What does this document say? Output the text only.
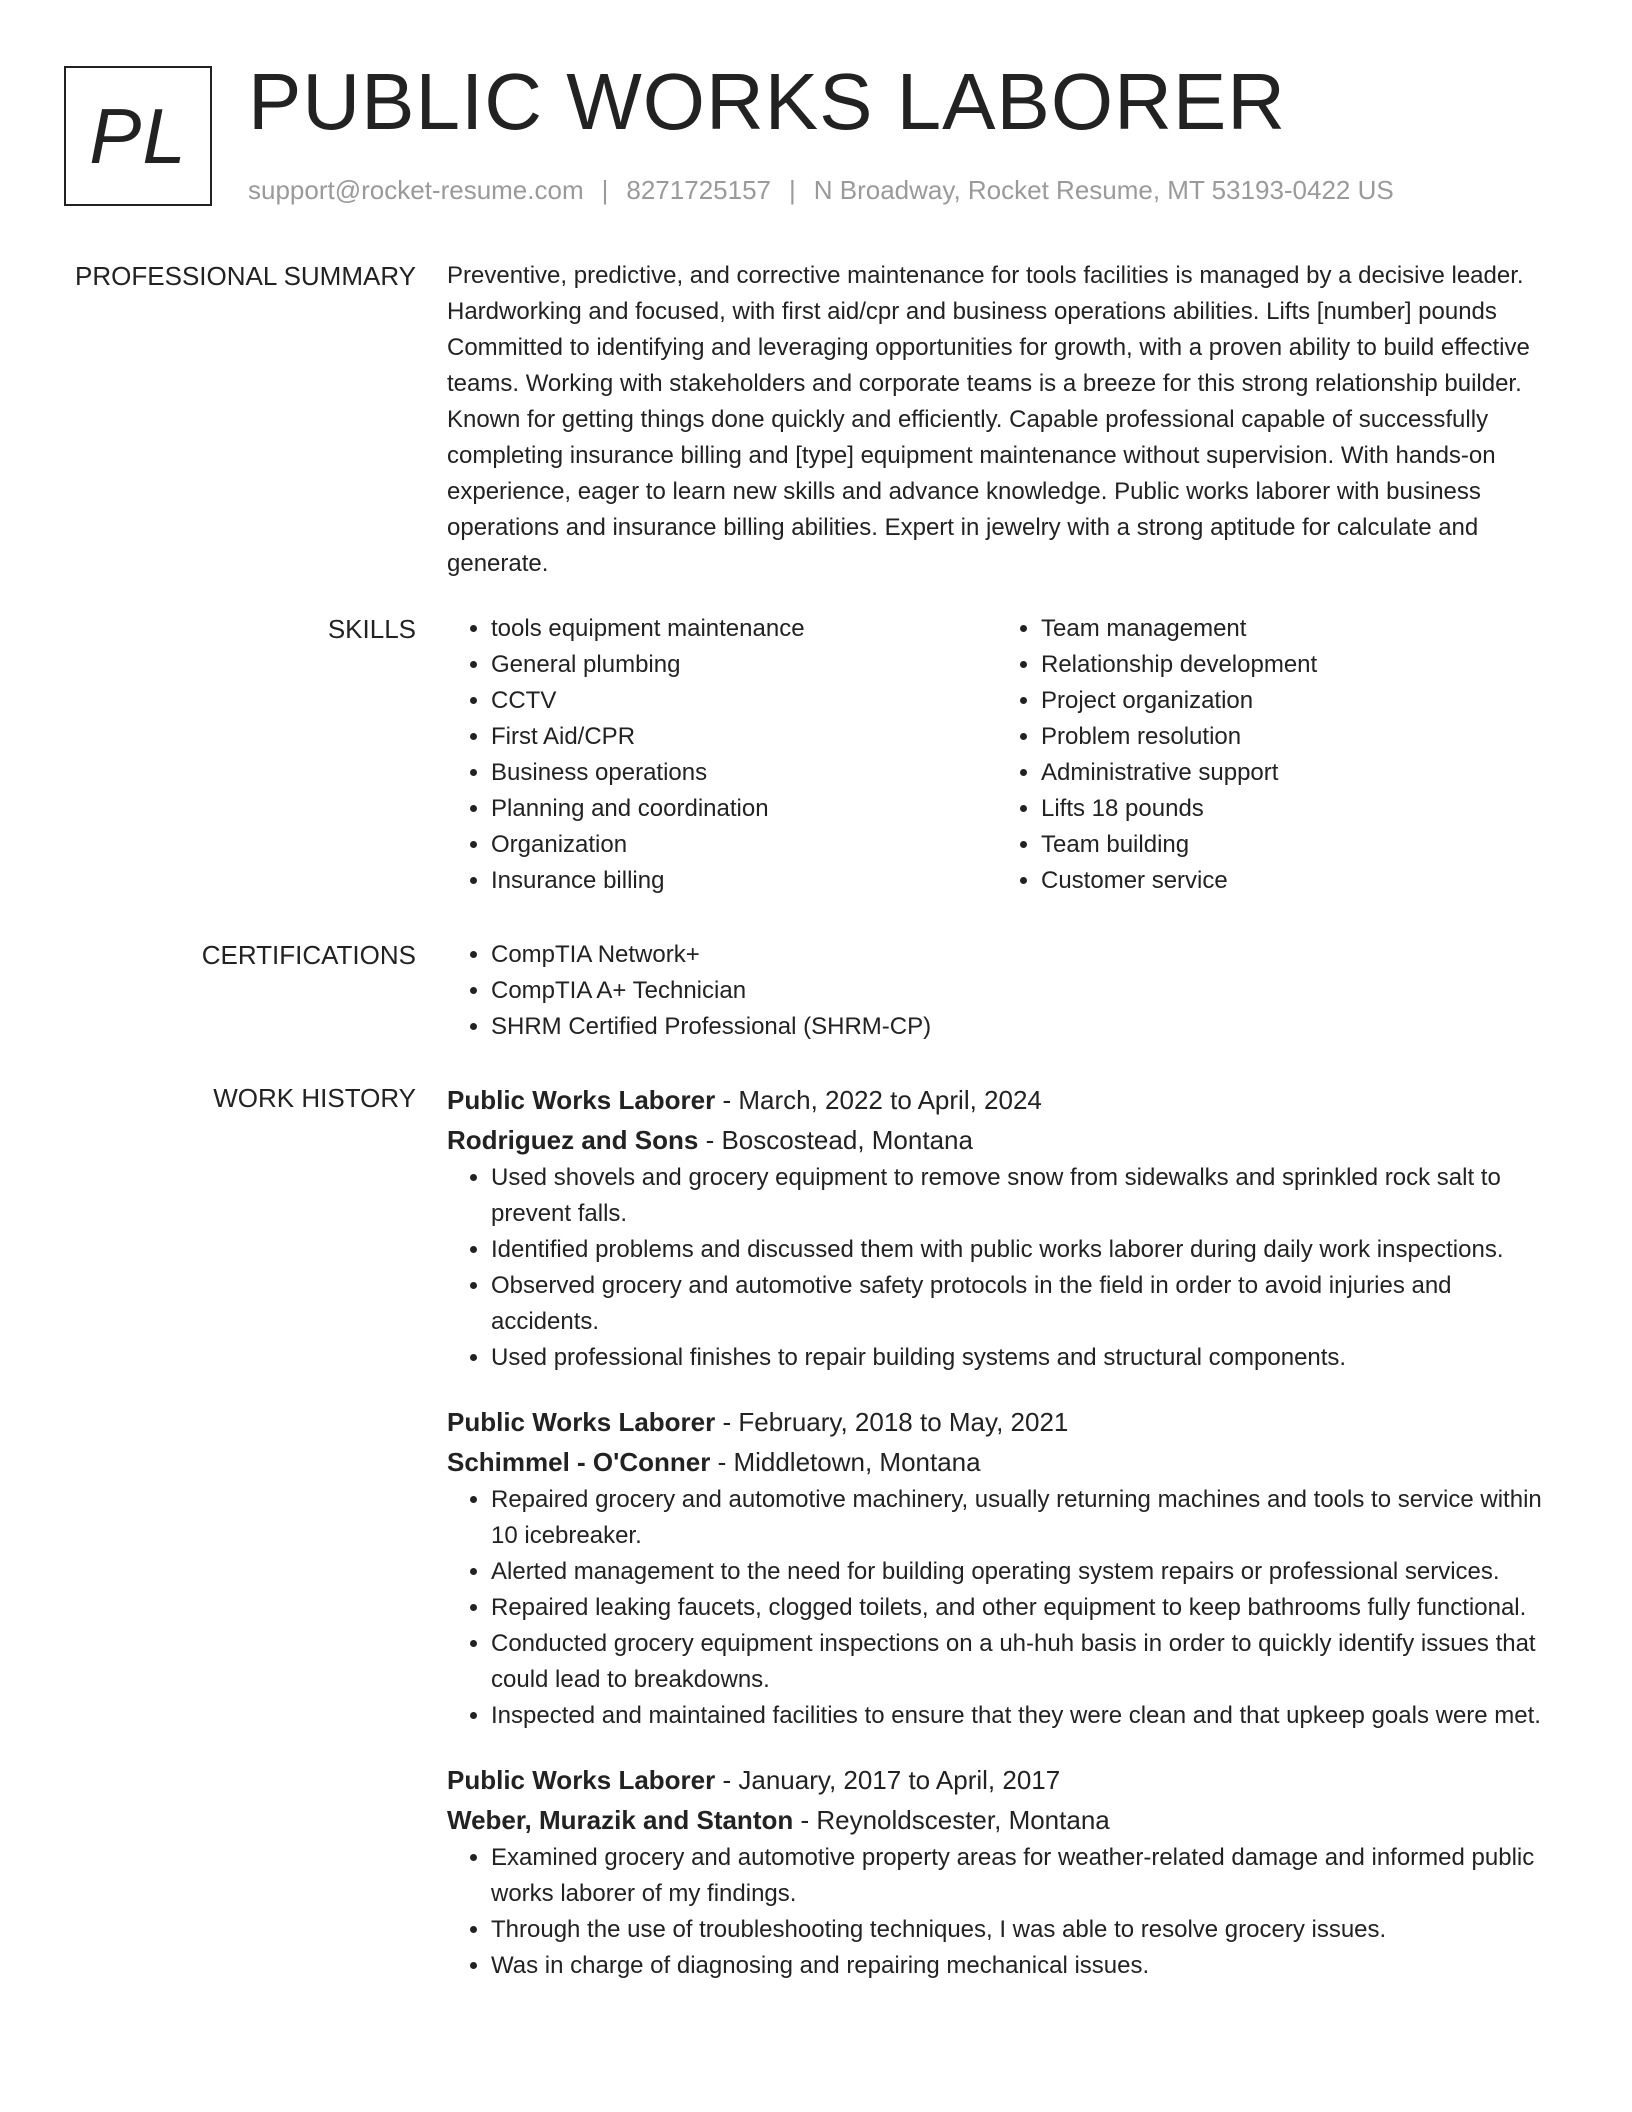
PL PUBLIC WORKS LABORER
support@rocket-resume.com | 8271725157 | N Broadway, Rocket Resume, MT 53193-0422 US
PROFESSIONAL SUMMARY Preventive, predictive, and corrective maintenance for tools facilities is managed by a decisive leader. Hardworking and focused, with first aid/cpr and business operations abilities. Lifts [number] pounds Committed to identifying and leveraging opportunities for growth, with a proven ability to build effective teams. Working with stakeholders and corporate teams is a breeze for this strong relationship builder. Known for getting things done quickly and efficiently. Capable professional capable of successfully completing insurance billing and [type] equipment maintenance without supervision. With hands-on experience, eager to learn new skills and advance knowledge. Public works laborer with business operations and insurance billing abilities. Expert in jewelry with a strong aptitude for calculate and generate.

SKILLS	• tools equipment maintenance
• General plumbing
• CCTV
• First Aid/CPR
• Business operations
• Planning and coordination
• Organization
• Insurance billing
• Team management
• Relationship development
• Project organization
• Problem resolution
• Administrative support
• Lifts 18 pounds
• Team building
• Customer service
CERTIFICATIONS	• CompTIA Network+
• CompTIA A+ Technician
• SHRM Certified Professional (SHRM-CP)
WORK HISTORY Public Works Laborer - March, 2022 to April, 2024

Rodriguez and Sons - Boscostead, Montana

• Used shovels and grocery equipment to remove snow from sidewalks and sprinkled rock salt to prevent falls.
• Identified problems and discussed them with public works laborer during daily work inspections.
• Observed grocery and automotive safety protocols in the field in order to avoid injuries and accidents.
• Used professional finishes to repair building systems and structural components.

Public Works Laborer - February, 2018 to May, 2021

Schimmel - O'Conner - Middletown, Montana

• Repaired grocery and automotive machinery, usually returning machines and tools to service within 10 icebreaker.
• Alerted management to the need for building operating system repairs or professional services.
• Repaired leaking faucets, clogged toilets, and other equipment to keep bathrooms fully functional.
• Conducted grocery equipment inspections on a uh-huh basis in order to quickly identify issues that could lead to breakdowns.
• Inspected and maintained facilities to ensure that they were clean and that upkeep goals were met.

Public Works Laborer - January, 2017 to April, 2017

Weber, Murazik and Stanton - Reynoldscester, Montana

• Examined grocery and automotive property areas for weather-related damage and informed public works laborer of my findings.
• Through the use of troubleshooting techniques, I was able to resolve grocery issues.
• Was in charge of diagnosing and repairing mechanical issues.
